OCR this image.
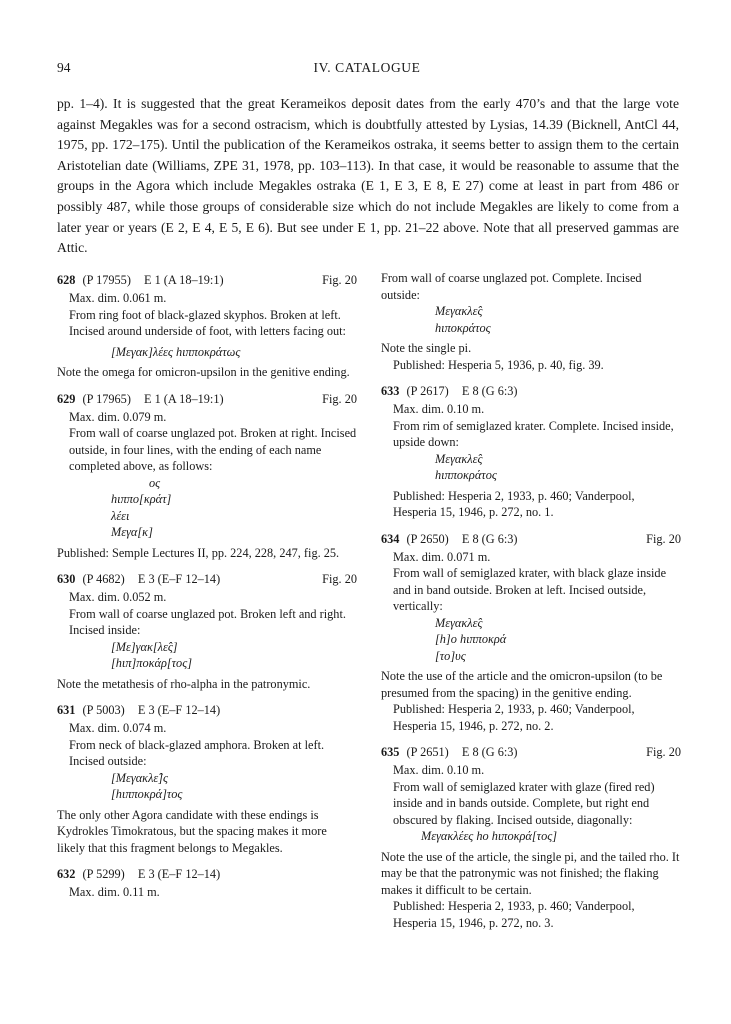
94	IV. CATALOGUE
pp. 1–4). It is suggested that the great Kerameikos deposit dates from the early 470’s and that the large vote against Megakles was for a second ostracism, which is doubtfully attested by Lysias, 14.39 (Bicknell, AntCl 44, 1975, pp. 172–175). Until the publication of the Kerameikos ostraka, it seems better to assign them to the certain Aristotelian date (Williams, ZPE 31, 1978, pp. 103–113). In that case, it would be reasonable to assume that the groups in the Agora which include Megakles ostraka (E 1, E 3, E 8, E 27) come at least in part from 486 or possibly 487, while those groups of considerable size which do not include Megakles are likely to come from a later year or years (E 2, E 4, E 5, E 6). But see under E 1, pp. 21–22 above. Note that all preserved gammas are Attic.
628 (P 17955) E 1 (A 18–19:1)	Fig. 20
Max. dim. 0.061 m.
From ring foot of black-glazed skyphos. Broken at left. Incised around underside of foot, with letters facing out:
[Μεγακ]λέες hιπποκράτως
Note the omega for omicron-upsilon in the genitive ending.
629 (P 17965) E 1 (A 18–19:1)	Fig. 20
Max. dim. 0.079 m.
From wall of coarse unglazed pot. Broken at right. Incised outside, in four lines, with the ending of each name completed above, as follows:
ος
hιππο[κράτ]
λέει
Μεγα[κ]
Published: Semple Lectures II, pp. 224, 228, 247, fig. 25.
630 (P 4682) E 3 (E–F 12–14)	Fig. 20
Max. dim. 0.052 m.
From wall of coarse unglazed pot. Broken left and right. Incised inside:
[Με]γακ[λε̂ς]
[hιπ]ποκάρ[τος]
Note the metathesis of rho-alpha in the patronymic.
631 (P 5003) E 3 (E–F 12–14)
Max. dim. 0.074 m.
From neck of black-glazed amphora. Broken at left. Incised outside:
[Μεγακλε̂]ς
[hιπποκρά]τος
The only other Agora candidate with these endings is Kydrokles Timokratous, but the spacing makes it more likely that this fragment belongs to Megakles.
632 (P 5299) E 3 (E–F 12–14)
Max. dim. 0.11 m.
From wall of coarse unglazed pot. Complete. Incised outside:
Μεγακλε̂ς
hιποκράτος
Note the single pi.
Published: Hesperia 5, 1936, p. 40, fig. 39.
633 (P 2617) E 8 (G 6:3)
Max. dim. 0.10 m.
From rim of semiglazed krater. Complete. Incised inside, upside down:
Μεγακλε̂ς
hιπποκράτος
Published: Hesperia 2, 1933, p. 460; Vanderpool, Hesperia 15, 1946, p. 272, no. 1.
634 (P 2650) E 8 (G 6:3)	Fig. 20
Max. dim. 0.071 m.
From wall of semiglazed krater, with black glaze inside and in band outside. Broken at left. Incised outside, vertically:
Μεγακλε̂ς
[h]ο hιπποκρά
[το]υς
Note the use of the article and the omicron-upsilon (to be presumed from the spacing) in the genitive ending.
Published: Hesperia 2, 1933, p. 460; Vanderpool, Hesperia 15, 1946, p. 272, no. 2.
635 (P 2651) E 8 (G 6:3)	Fig. 20
Max. dim. 0.10 m.
From wall of semiglazed krater with glaze (fired red) inside and in bands outside. Complete, but right end obscured by flaking. Incised outside, diagonally:
Μεγακλέες hο hιποκρά[τος]
Note the use of the article, the single pi, and the tailed rho. It may be that the patronymic was not finished; the flaking makes it difficult to be certain.
Published: Hesperia 2, 1933, p. 460; Vanderpool, Hesperia 15, 1946, p. 272, no. 3.
